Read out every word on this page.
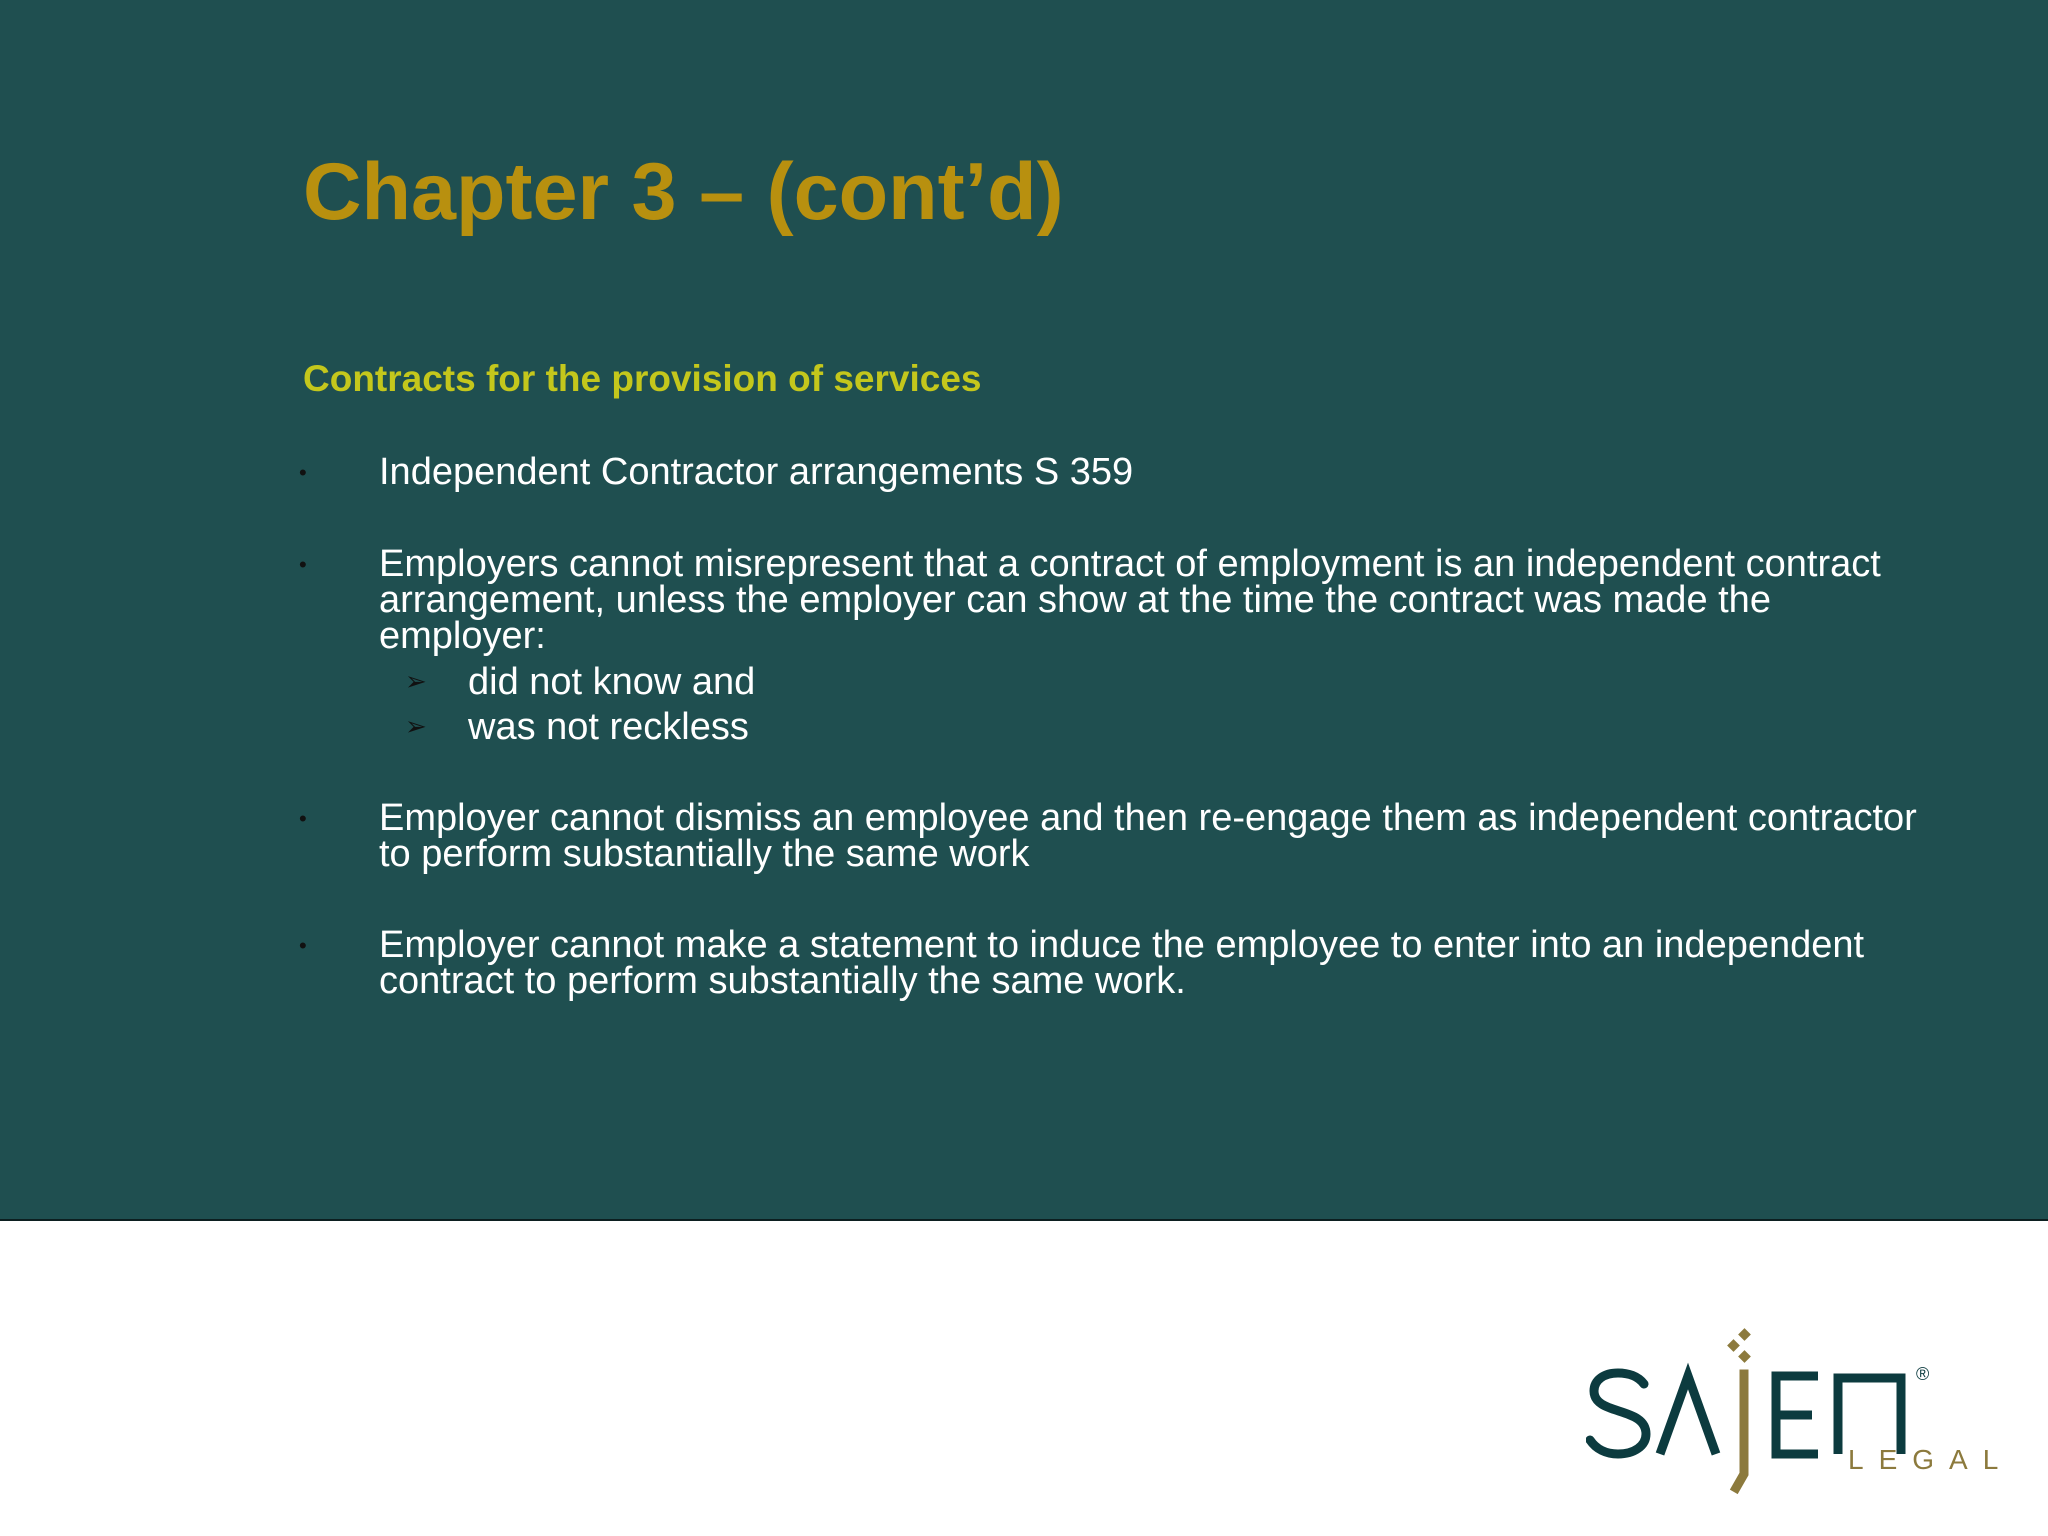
Chapter 3 – (cont’d)
Contracts for the provision of services
• Independent Contractor arrangements S 359
• Employers cannot misrepresent that a contract of employment is an independent contract arrangement, unless the employer can show at the time the contract was made the employer:
➢ did not know and
➢ was not reckless
• Employer cannot dismiss an employee and then re-engage them as independent contractor to perform substantially the same work
• Employer cannot make a statement to induce the employee to enter into an independent contract to perform substantially the same work.
®
LEGAL
